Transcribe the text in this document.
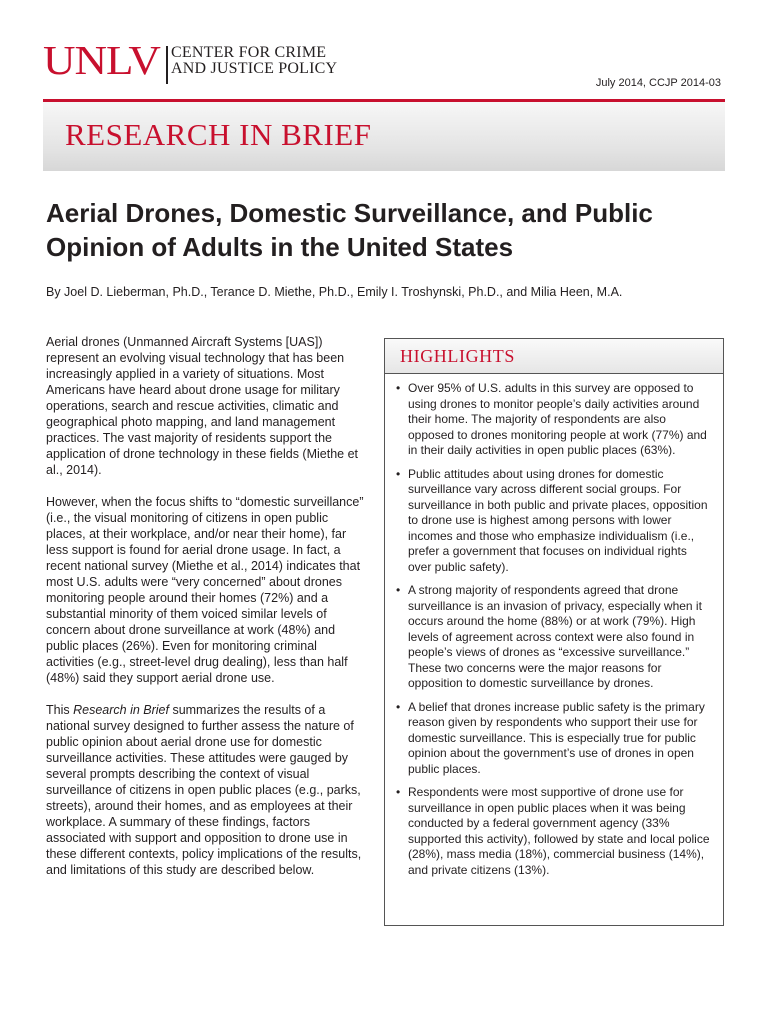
UNLV CENTER FOR CRIME
AND JUSTICE POLICY
July 2014, CCJP 2014-03
RESEARCH IN BRIEF
Aerial Drones, Domestic Surveillance, and Public Opinion of Adults in the United States
By Joel D. Lieberman, Ph.D., Terance D. Miethe, Ph.D., Emily I. Troshynski, Ph.D., and Milia Heen, M.A.

Aerial drones (Unmanned Aircraft Systems [UAS]) represent an evolving visual technology that has been increasingly applied in a variety of situations. Most Americans have heard about drone usage for military operations, search and rescue activities, climatic and geographical photo mapping, and land management practices. The vast majority of residents support the application of drone technology in these fields (Miethe et al., 2014).

However, when the focus shifts to “domestic surveillance” (i.e., the visual monitoring of citizens in open public places, at their workplace, and/or near their home), far less support is found for aerial drone usage. In fact, a recent national survey (Miethe et al., 2014) indicates that most U.S. adults were “very concerned” about drones monitoring people around their homes (72%) and a substantial minority of them voiced similar levels of concern about drone surveillance at work (48%) and public places (26%). Even for monitoring criminal activities (e.g., street-level drug dealing), less than half (48%) said they support aerial drone use.

This Research in Brief summarizes the results of a national survey designed to further assess the nature of public opinion about aerial drone use for domestic surveillance activities. These attitudes were gauged by several prompts describing the context of visual surveillance of citizens in open public places (e.g., parks, streets), around their homes, and as employees at their workplace. A summary of these findings, factors associated with support and opposition to drone use in these different contexts, policy implications of the results, and limitations of this study are described below.

HIGHLIGHTS
• Over 95% of U.S. adults in this survey are opposed to using drones to monitor people’s daily activities around their home. The majority of respondents are also opposed to drones monitoring people at work (77%) and in their daily activities in open public places (63%).
• Public attitudes about using drones for domestic surveillance vary across different social groups. For surveillance in both public and private places, opposition to drone use is highest among persons with lower incomes and those who emphasize individualism (i.e., prefer a government that focuses on individual rights over public safety).
• A strong majority of respondents agreed that drone surveillance is an invasion of privacy, especially when it occurs around the home (88%) or at work (79%). High levels of agreement across context were also found in people’s views of drones as “excessive surveillance.” These two concerns were the major reasons for opposition to domestic surveillance by drones.
• A belief that drones increase public safety is the primary reason given by respondents who support their use for domestic surveillance. This is especially true for public opinion about the government’s use of drones in open public places.
• Respondents were most supportive of drone use for surveillance in open public places when it was being conducted by a federal government agency (33% supported this activity), followed by state and local police (28%), mass media (18%), commercial business (14%), and private citizens (13%).
